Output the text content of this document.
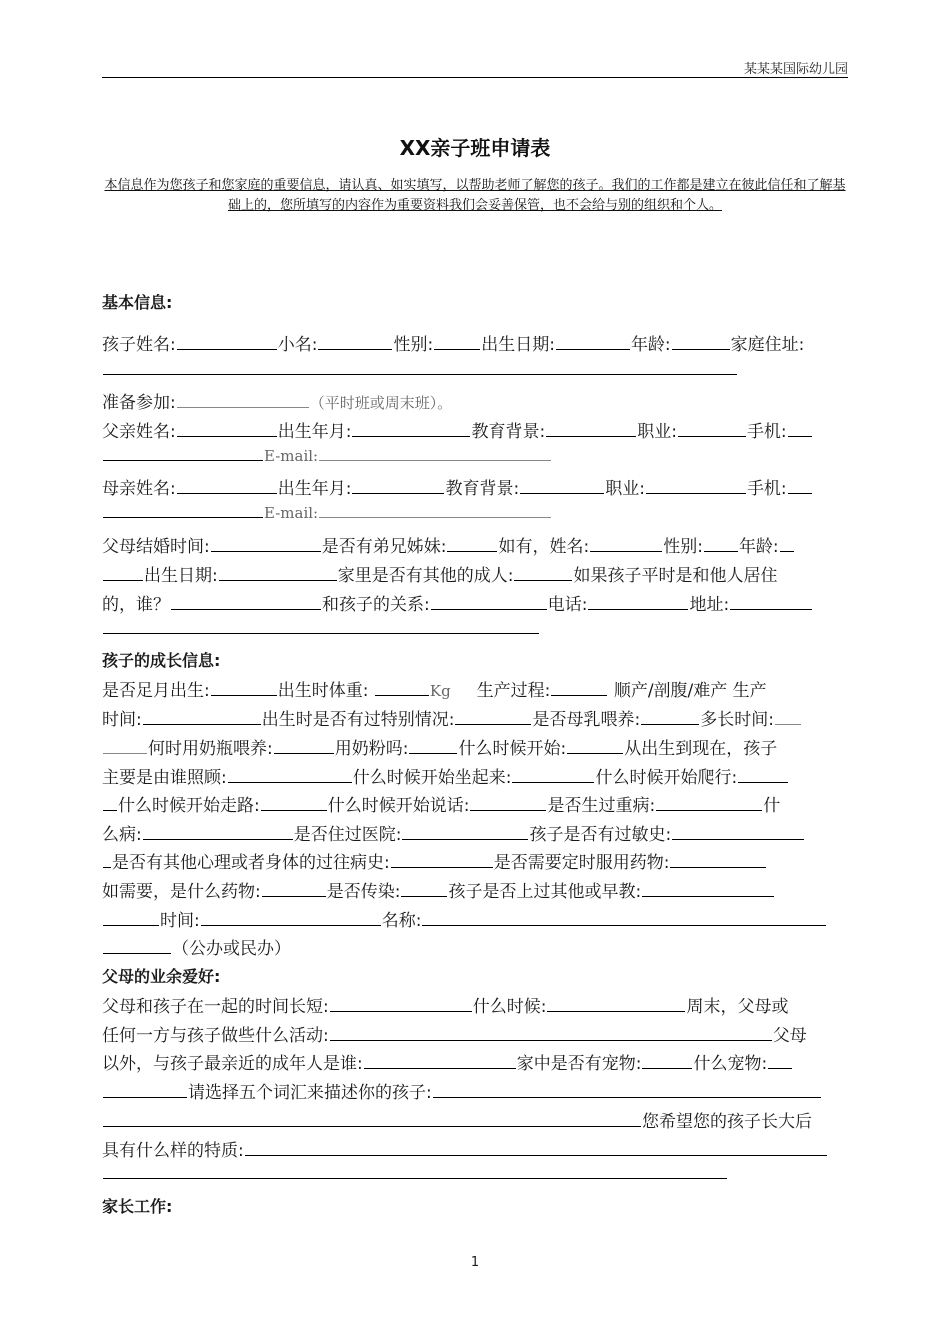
某某某国际幼儿园
XX亲子班申请表
本信息作为您孩子和您家庭的重要信息，请认真、如实填写，以帮助老师了解您的孩子。我们的工作都是建立在彼此信任和了解基础上的，您所填写的内容作为重要资料我们会妥善保管，也不会给与别的组织和个人。
基本信息:
孩子姓名:	小名:	性别:	出生日期:	年龄:	家庭住址:
准备参加:	（平时班或周末班）。
父亲姓名:	出生年月:	教育背景:	职业:	手机:
E-mail:
母亲姓名:	出生年月:	教育背景:	职业:	手机:
E-mail:
父母结婚时间:	是否有弟兄姊妹:	如有，姓名:	性别: 年龄:
出生日期:	家里是否有其他的成人:	如果孩子平时是和他人居住
的，谁？	和孩子的关系:	电话:	地址:
孩子的成长信息:
是否足月出生:	出生时体重:	Kg 生产过程:	顺产/剖腹/难产 生产
时间:	出生时是否有过特别情况:	是否母乳喂养:	多长时间:
何时用奶瓶喂养:	用奶粉吗:	什么时候开始:	从出生到现在，孩子
主要是由谁照顾:	什么时候开始坐起来:	什么时候开始爬行:
什么时候开始走路:	什么时候开始说话:	是否生过重病:	什
么病:	是否住过医院:	孩子是否有过敏史:
是否有其他心理或者身体的过往病史:	是否需要定时服用药物:
如需要，是什么药物:	是否传染:	孩子是否上过其他或早教:
时间:	名称:
（公办或民办）
父母的业余爱好:
父母和孩子在一起的时间长短:	什么时候:	周末，父母或
任何一方与孩子做些什么活动:	父母
以外，与孩子最亲近的成年人是谁:	家中是否有宠物:	什么宠物:
请选择五个词汇来描述你的孩子:
您希望您的孩子长大后
具有什么样的特质:
家长工作:
1
